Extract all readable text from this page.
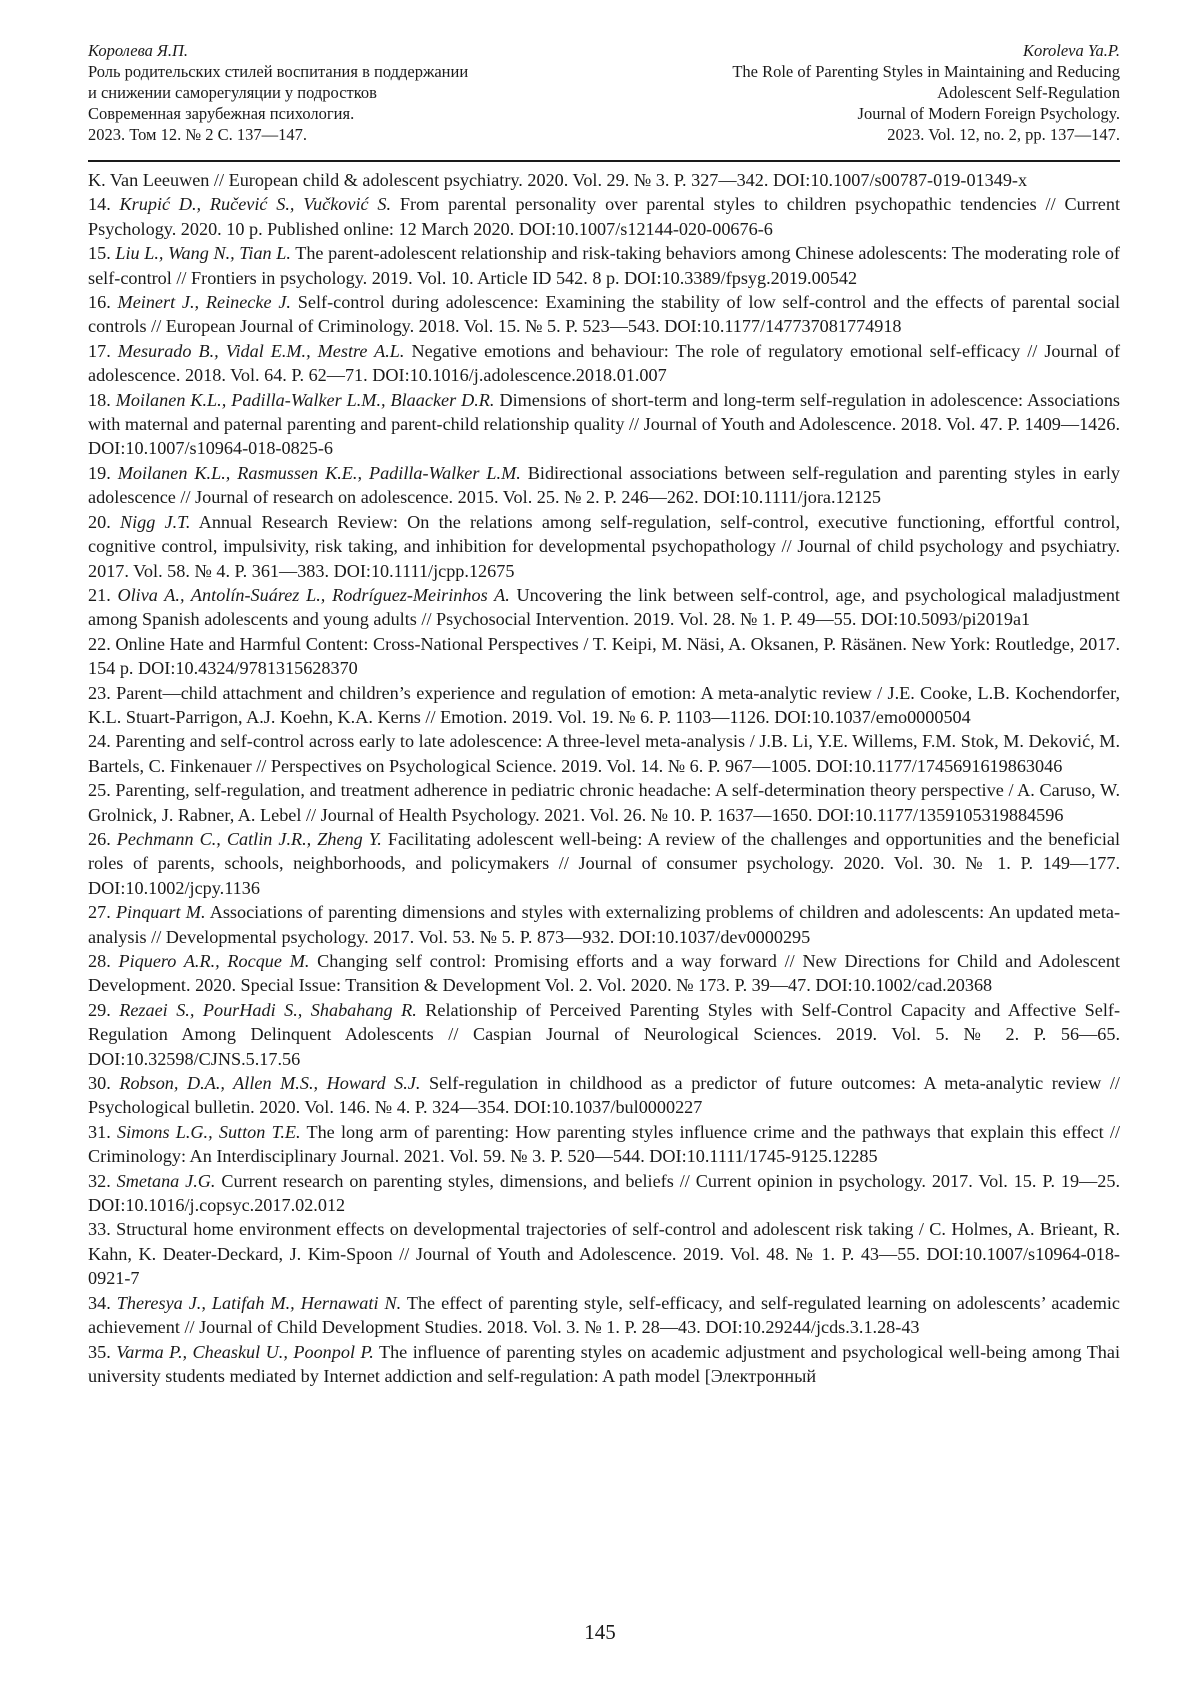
Королева Я.П.
Роль родительских стилей воспитания в поддержании
и снижении саморегуляции у подростков
Современная зарубежная психология.
2023. Том 12. № 2 С. 137—147.
Koroleva Ya.P.
The Role of Parenting Styles in Maintaining and Reducing
Adolescent Self-Regulation
Journal of Modern Foreign Psychology.
2023. Vol. 12, no. 2, pp. 137—147.

K. Van Leeuwen // European child & adolescent psychiatry. 2020. Vol. 29. № 3. P. 327—342. DOI:10.1007/s00787-019-01349-x

14. Krupić D., Ručević S., Vučković S. From parental personality over parental styles to children psychopathic tendencies // Current Psychology. 2020. 10 p. Published online: 12 March 2020. DOI:10.1007/s12144-020-00676-6

15. Liu L., Wang N., Tian L. The parent-adolescent relationship and risk-taking behaviors among Chinese adolescents: The moderating role of self-control // Frontiers in psychology. 2019. Vol. 10. Article ID 542. 8 p. DOI:10.3389/fpsyg.2019.00542

16. Meinert J., Reinecke J. Self-control during adolescence: Examining the stability of low self-control and the effects of parental social controls // European Journal of Criminology. 2018. Vol. 15. № 5. P. 523—543. DOI:10.1177/147737081774918

17. Mesurado B., Vidal E.M., Mestre A.L. Negative emotions and behaviour: The role of regulatory emotional self-efficacy // Journal of adolescence. 2018. Vol. 64. P. 62—71. DOI:10.1016/j.adolescence.2018.01.007

18. Moilanen K.L., Padilla-Walker L.M., Blaacker D.R. Dimensions of short-term and long-term self-regulation in adolescence: Associations with maternal and paternal parenting and parent-child relationship quality // Journal of Youth and Adolescence. 2018. Vol. 47. P. 1409—1426. DOI:10.1007/s10964-018-0825-6

19. Moilanen K.L., Rasmussen K.E., Padilla-Walker L.M. Bidirectional associations between self-regulation and parenting styles in early adolescence // Journal of research on adolescence. 2015. Vol. 25. № 2. P. 246—262. DOI:10.1111/jora.12125

20. Nigg J.T. Annual Research Review: On the relations among self-regulation, self-control, executive functioning, effortful control, cognitive control, impulsivity, risk taking, and inhibition for developmental psychopathology // Journal of child psychology and psychiatry. 2017. Vol. 58. № 4. P. 361—383. DOI:10.1111/jcpp.12675

21. Oliva A., Antolín-Suárez L., Rodríguez-Meirinhos A. Uncovering the link between self-control, age, and psychological maladjustment among Spanish adolescents and young adults // Psychosocial Intervention. 2019. Vol. 28. № 1. P. 49—55. DOI:10.5093/pi2019a1

22. Online Hate and Harmful Content: Cross-National Perspectives / T. Keipi, M. Näsi, A. Oksanen, P. Räsänen. New York: Routledge, 2017. 154 p. DOI:10.4324/9781315628370

23. Parent—child attachment and children’s experience and regulation of emotion: A meta-analytic review / J.E. Cooke, L.B. Kochendorfer, K.L. Stuart-Parrigon, A.J. Koehn, K.A. Kerns // Emotion. 2019. Vol. 19. № 6. P. 1103—1126. DOI:10.1037/emo0000504

24. Parenting and self-control across early to late adolescence: A three-level meta-analysis / J.B. Li, Y.E. Willems, F.M. Stok, M. Deković, M. Bartels, C. Finkenauer // Perspectives on Psychological Science. 2019. Vol. 14. № 6. P. 967—1005. DOI:10.1177/1745691619863046

25. Parenting, self-regulation, and treatment adherence in pediatric chronic headache: A self-determination theory perspective / A. Caruso, W. Grolnick, J. Rabner, A. Lebel // Journal of Health Psychology. 2021. Vol. 26. № 10. P. 1637—1650. DOI:10.1177/1359105319884596

26. Pechmann C., Catlin J.R., Zheng Y. Facilitating adolescent well-being: A review of the challenges and opportunities and the beneficial roles of parents, schools, neighborhoods, and policymakers // Journal of consumer psychology. 2020. Vol. 30. № 1. P. 149—177. DOI:10.1002/jcpy.1136

27. Pinquart M. Associations of parenting dimensions and styles with externalizing problems of children and adolescents: An updated meta-analysis // Developmental psychology. 2017. Vol. 53. № 5. P. 873—932. DOI:10.1037/dev0000295

28. Piquero A.R., Rocque M. Changing self control: Promising efforts and a way forward // New Directions for Child and Adolescent Development. 2020. Special Issue: Transition & Development Vol. 2. Vol. 2020. № 173. P. 39—47. DOI:10.1002/cad.20368

29. Rezaei S., PourHadi S., Shabahang R. Relationship of Perceived Parenting Styles with Self-Control Capacity and Affective Self-Regulation Among Delinquent Adolescents // Caspian Journal of Neurological Sciences. 2019. Vol. 5. № 2. P. 56—65. DOI:10.32598/CJNS.5.17.56

30. Robson, D.A., Allen M.S., Howard S.J. Self-regulation in childhood as a predictor of future outcomes: A meta-analytic review // Psychological bulletin. 2020. Vol. 146. № 4. P. 324—354. DOI:10.1037/bul0000227

31. Simons L.G., Sutton T.E. The long arm of parenting: How parenting styles influence crime and the pathways that explain this effect // Criminology: An Interdisciplinary Journal. 2021. Vol. 59. № 3. P. 520—544. DOI:10.1111/1745-9125.12285

32. Smetana J.G. Current research on parenting styles, dimensions, and beliefs // Current opinion in psychology. 2017. Vol. 15. P. 19—25. DOI:10.1016/j.copsyc.2017.02.012

33. Structural home environment effects on developmental trajectories of self-control and adolescent risk taking / C. Holmes, A. Brieant, R. Kahn, K. Deater-Deckard, J. Kim-Spoon // Journal of Youth and Adolescence. 2019. Vol. 48. № 1. P. 43—55. DOI:10.1007/s10964-018-0921-7

34. Theresya J., Latifah M., Hernawati N. The effect of parenting style, self-efficacy, and self-regulated learning on adolescents’ academic achievement // Journal of Child Development Studies. 2018. Vol. 3. № 1. P. 28—43. DOI:10.29244/jcds.3.1.28-43

35. Varma P., Cheaskul U., Poonpol P. The influence of parenting styles on academic adjustment and psychological well-being among Thai university students mediated by Internet addiction and self-regulation: A path model [Электронный

145
